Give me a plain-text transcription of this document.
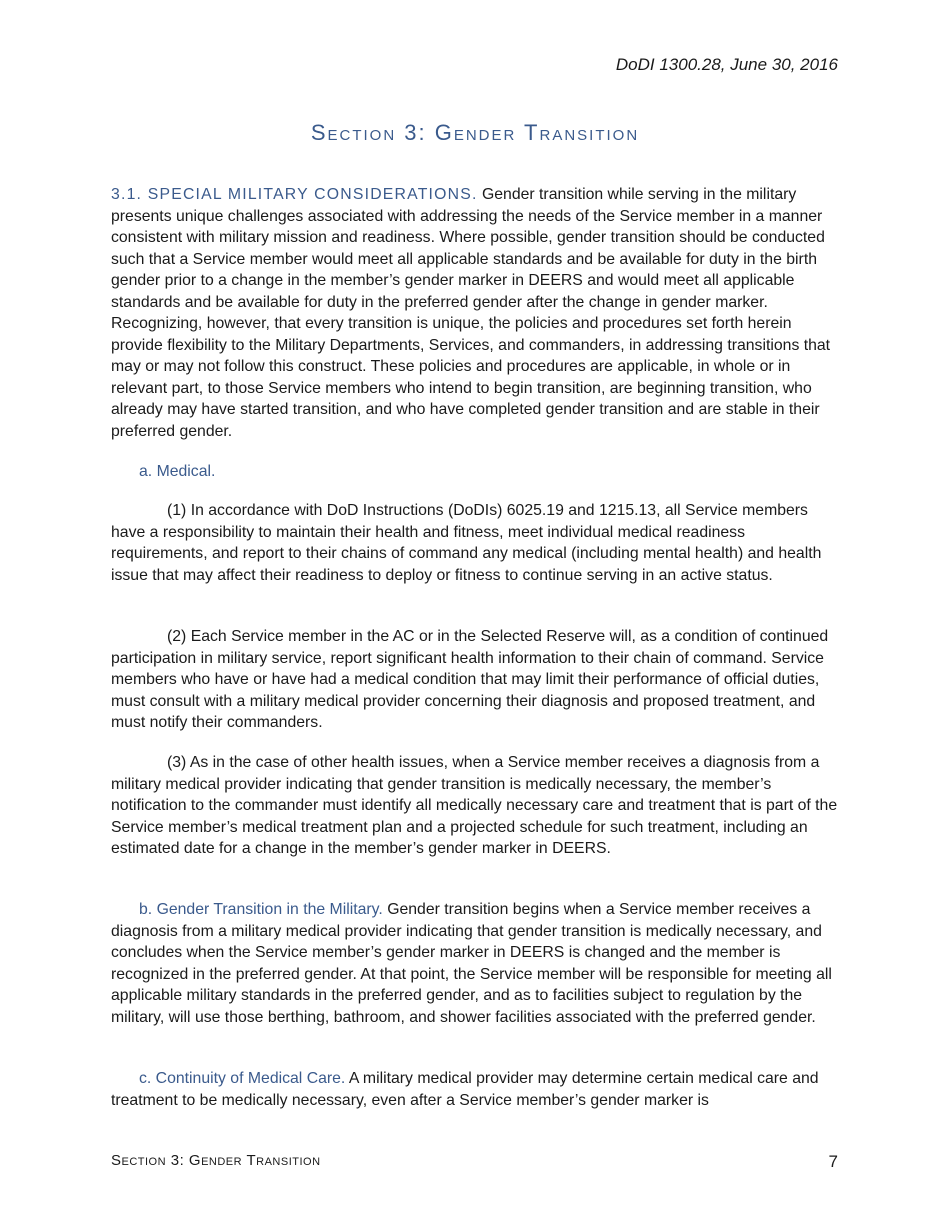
DoDI 1300.28, June 30, 2016
Section 3: Gender Transition

3.1. SPECIAL MILITARY CONSIDERATIONS. Gender transition while serving in the military presents unique challenges associated with addressing the needs of the Service member in a manner consistent with military mission and readiness. Where possible, gender transition should be conducted such that a Service member would meet all applicable standards and be available for duty in the birth gender prior to a change in the member’s gender marker in DEERS and would meet all applicable standards and be available for duty in the preferred gender after the change in gender marker. Recognizing, however, that every transition is unique, the policies and procedures set forth herein provide flexibility to the Military Departments, Services, and commanders, in addressing transitions that may or may not follow this construct. These policies and procedures are applicable, in whole or in relevant part, to those Service members who intend to begin transition, are beginning transition, who already may have started transition, and who have completed gender transition and are stable in their preferred gender.

a. Medical.

(1) In accordance with DoD Instructions (DoDIs) 6025.19 and 1215.13, all Service members have a responsibility to maintain their health and fitness, meet individual medical readiness requirements, and report to their chains of command any medical (including mental health) and health issue that may affect their readiness to deploy or fitness to continue serving in an active status.

(2) Each Service member in the AC or in the Selected Reserve will, as a condition of continued participation in military service, report significant health information to their chain of command. Service members who have or have had a medical condition that may limit their performance of official duties, must consult with a military medical provider concerning their diagnosis and proposed treatment, and must notify their commanders.

(3) As in the case of other health issues, when a Service member receives a diagnosis from a military medical provider indicating that gender transition is medically necessary, the member’s notification to the commander must identify all medically necessary care and treatment that is part of the Service member’s medical treatment plan and a projected schedule for such treatment, including an estimated date for a change in the member’s gender marker in DEERS.

b. Gender Transition in the Military. Gender transition begins when a Service member receives a diagnosis from a military medical provider indicating that gender transition is medically necessary, and concludes when the Service member’s gender marker in DEERS is changed and the member is recognized in the preferred gender. At that point, the Service member will be responsible for meeting all applicable military standards in the preferred gender, and as to facilities subject to regulation by the military, will use those berthing, bathroom, and shower facilities associated with the preferred gender.

c. Continuity of Medical Care. A military medical provider may determine certain medical care and treatment to be medically necessary, even after a Service member’s gender marker is

Section 3: Gender Transition	7
